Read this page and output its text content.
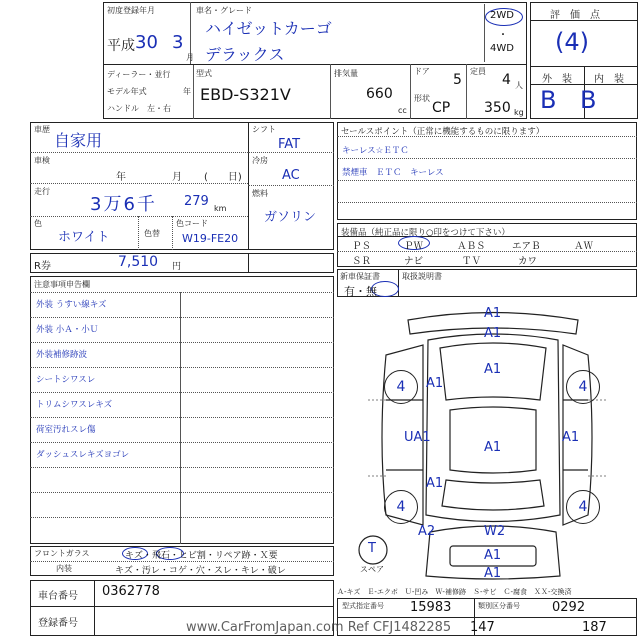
初度登録年月
平成 30 3
月
車名・グレード
ハイゼットカーゴ
デラックス
2WD
・
4WD
ディーラー・並行
モデル年式	年
ハンドル　左・右
型式
EBD-S321V
排気量
660
cc
ドア
5
形状
CP
定員
4 人
350 kg
評　価　点
(4)
外　装 内　装
B B
車歴
自家用
車検
年	月 (　　日)
走行
3万6千 279 km
色
ホワイト	色替
色コード
W19-FE20
シフト
FAT
冷房
AC
燃料
ガソリン
R券	7,510 円
注意事項申告欄
外装 うすい線キズ
外装 小Ａ・小Ｕ
外装補修跡波
シートシワスレ
トリムシワスレキズ
荷室汚れスレ傷
ダッシュスレキズヨゴレ
フロントガラス	キズ・飛石・ヒビ割・リペア跡・Ｘ要
内装	キズ・汚レ・コゲ・穴・スレ・キレ・破レ
車台番号 0362778
登録番号
セールスポイント（正常に機能するものに限ります）
キーレス☆ＥＴＣ
禁煙車　ＥＴＣ　キーレス
装備品（純正品に限り○印をつけて下さい）
ＰＳ	ＰＷ	ＡＢＳ	エアＢ	ＡＷ
ＳＲ	ナビ	ＴＶ	カワ
新車保証書
有・無
取扱説明書
4	4
4	4
A1
A1
A1
A1
UA1
A1
A1
A1
A2	W2
A1
A1
T
スペア
Ａ-キズ　Ｅ-エクボ　Ｕ-凹み　Ｗ-補修跡　Ｓ-サビ　Ｃ-腐食　ＸＸ-交換済
型式指定番号 15983	類別区分番号 0292
147	187
www.CarFromJapan.com Ref CFJ1482285
